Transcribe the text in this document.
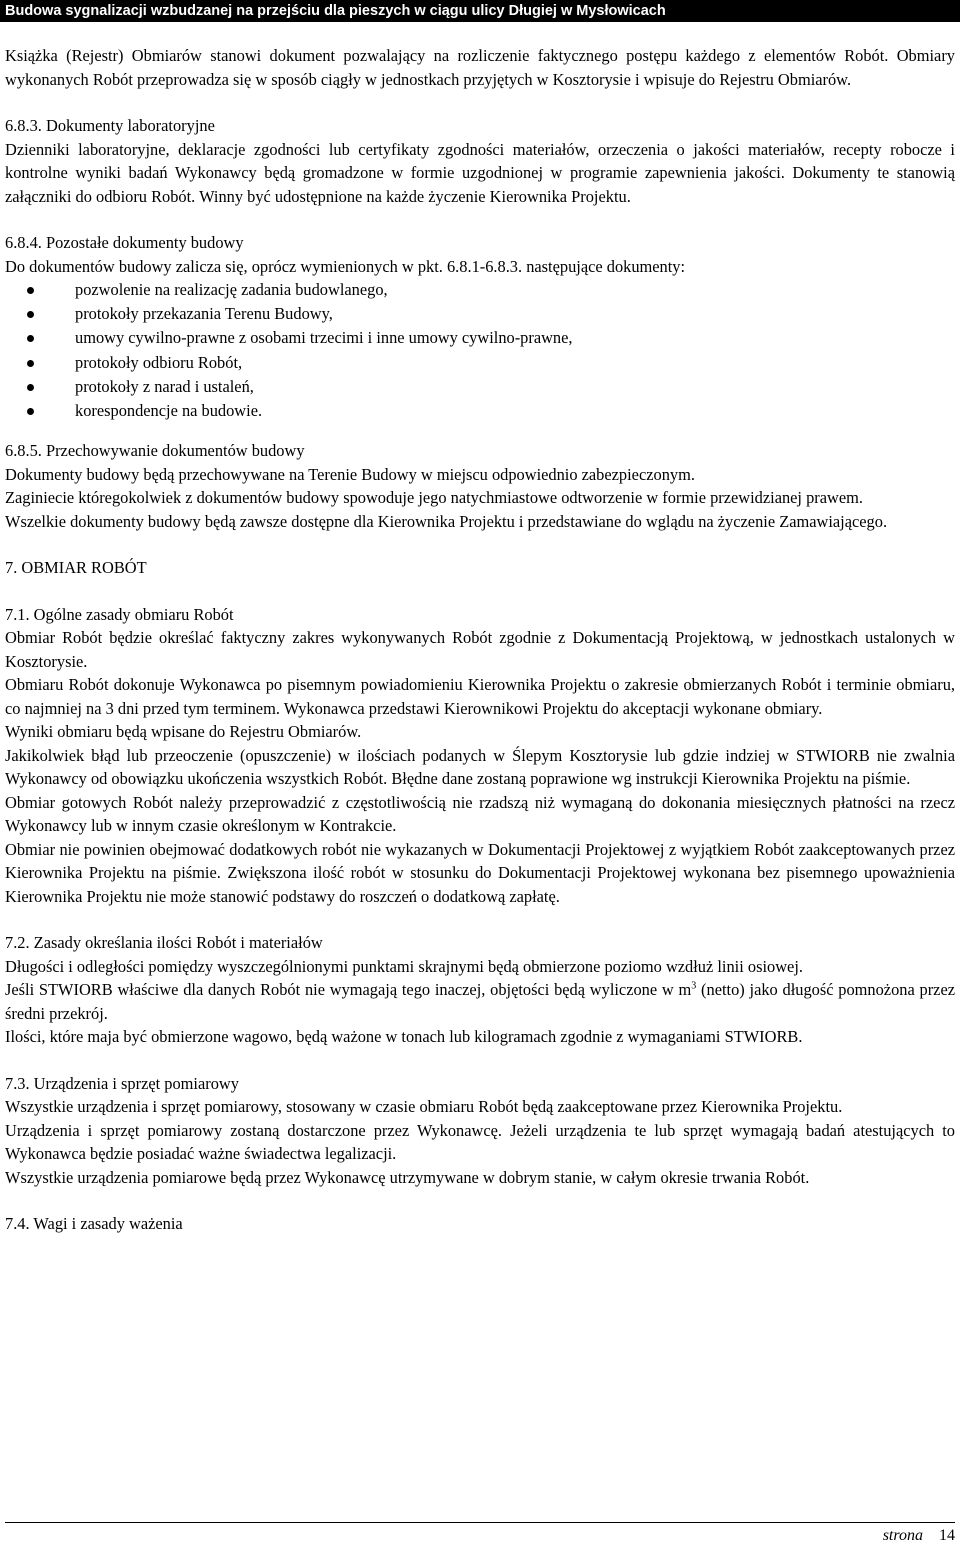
Budowa sygnalizacji wzbudzanej na przejściu dla pieszych w ciągu ulicy Długiej w Mysłowicach

Książka (Rejestr) Obmiarów stanowi dokument pozwalający na rozliczenie faktycznego postępu każdego z elementów Robót. Obmiary wykonanych Robót przeprowadza się w sposób ciągły w jednostkach przyjętych w Kosztorysie i wpisuje do Rejestru Obmiarów.

6.8.3. Dokumenty laboratoryjne

Dzienniki laboratoryjne, deklaracje zgodności lub certyfikaty zgodności materiałów, orzeczenia o jakości materiałów, recepty robocze i kontrolne wyniki badań Wykonawcy będą gromadzone w formie uzgodnionej w programie zapewnienia jakości. Dokumenty te stanowią załączniki do odbioru Robót. Winny być udostępnione na każde życzenie Kierownika Projektu.

6.8.4. Pozostałe dokumenty budowy

Do dokumentów budowy zalicza się, oprócz wymienionych w pkt. 6.8.1-6.8.3. następujące dokumenty:

pozwolenie na realizację zadania budowlanego,
protokoły przekazania Terenu Budowy,
umowy cywilno-prawne z osobami trzecimi i inne umowy cywilno-prawne,
protokoły odbioru Robót,
protokoły z narad i ustaleń,
korespondencje na budowie.

6.8.5. Przechowywanie dokumentów budowy

Dokumenty budowy będą przechowywane na Terenie Budowy w miejscu odpowiednio zabezpieczonym.

Zaginiecie któregokolwiek z dokumentów budowy spowoduje jego natychmiastowe odtworzenie w formie przewidzianej prawem.

Wszelkie dokumenty budowy będą zawsze dostępne dla Kierownika Projektu i przedstawiane do wglądu na życzenie Zamawiającego.

7. OBMIAR ROBÓT

7.1. Ogólne zasady obmiaru Robót

Obmiar Robót będzie określać faktyczny zakres wykonywanych Robót zgodnie z Dokumentacją Projektową, w jednostkach ustalonych w Kosztorysie.

Obmiaru Robót dokonuje Wykonawca po pisemnym powiadomieniu Kierownika Projektu o zakresie obmierzanych Robót i terminie obmiaru, co najmniej na 3 dni przed tym terminem. Wykonawca przedstawi Kierownikowi Projektu do akceptacji wykonane obmiary.

Wyniki obmiaru będą wpisane do Rejestru Obmiarów.

Jakikolwiek błąd lub przeoczenie (opuszczenie) w ilościach podanych w Ślepym Kosztorysie lub gdzie indziej w STWIORB nie zwalnia Wykonawcy od obowiązku ukończenia wszystkich Robót. Błędne dane zostaną poprawione wg instrukcji Kierownika Projektu na piśmie.

Obmiar gotowych Robót należy przeprowadzić z częstotliwością nie rzadszą niż wymaganą do dokonania miesięcznych płatności na rzecz Wykonawcy lub w innym czasie określonym w Kontrakcie.

Obmiar nie powinien obejmować dodatkowych robót nie wykazanych w Dokumentacji Projektowej z wyjątkiem Robót zaakceptowanych przez Kierownika Projektu na piśmie. Zwiększona ilość robót w stosunku do Dokumentacji Projektowej wykonana bez pisemnego upoważnienia Kierownika Projektu nie może stanowić podstawy do roszczeń o dodatkową zapłatę.

7.2. Zasady określania ilości Robót i materiałów

Długości i odległości pomiędzy wyszczególnionymi punktami skrajnymi będą obmierzone poziomo wzdłuż linii osiowej.

Jeśli STWIORB właściwe dla danych Robót nie wymagają tego inaczej, objętości będą wyliczone w $m^3$ (netto) jako długość pomnożona przez średni przekrój.

Ilości, które maja być obmierzone wagowo, będą ważone w tonach lub kilogramach zgodnie z wymaganiami STWIORB.

7.3. Urządzenia i sprzęt pomiarowy

Wszystkie urządzenia i sprzęt pomiarowy, stosowany w czasie obmiaru Robót będą zaakceptowane przez Kierownika Projektu.

Urządzenia i sprzęt pomiarowy zostaną dostarczone przez Wykonawcę. Jeżeli urządzenia te lub sprzęt wymagają badań atestujących to Wykonawca będzie posiadać ważne świadectwa legalizacji.

Wszystkie urządzenia pomiarowe będą przez Wykonawcę utrzymywane w dobrym stanie, w całym okresie trwania Robót.

7.4. Wagi i zasady ważenia

strona 14
